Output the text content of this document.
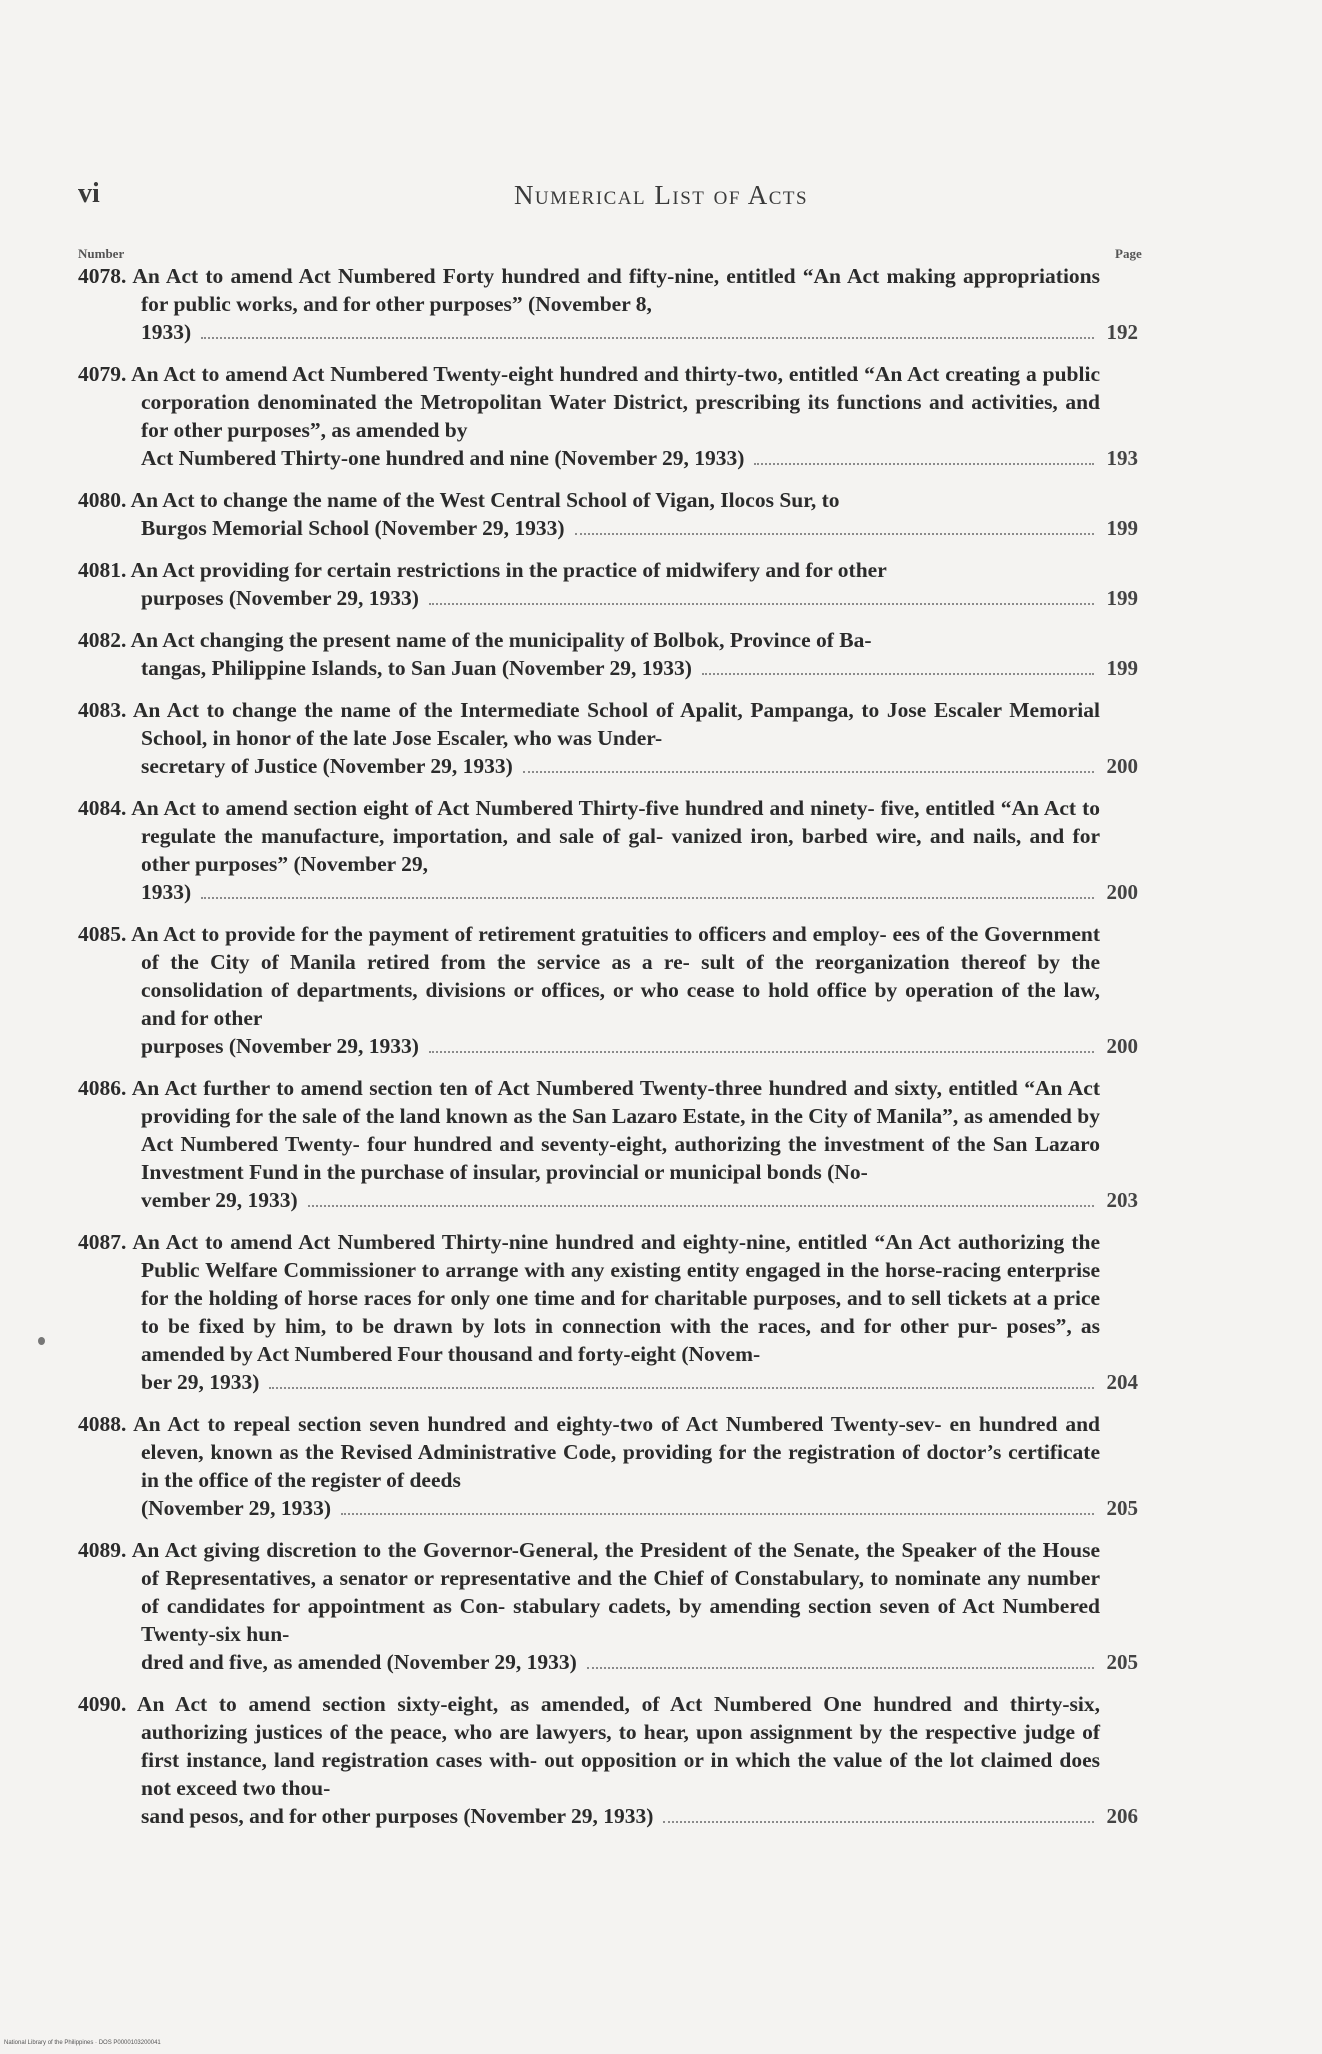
vi	Numerical List of Acts
Number	Page
4078. An Act to amend Act Numbered Forty hundred and fifty-nine, entitled “An Act making appropriations for public works, and for other purposes” (November 8,
1933)	192
4079. An Act to amend Act Numbered Twenty-eight hundred and thirty-two, entitled “An Act creating a public corporation denominated the Metropolitan Water District, prescribing its functions and activities, and for other purposes”, as amended by
Act Numbered Thirty-one hundred and nine (November 29, 1933)	193
4080. An Act to change the name of the West Central School of Vigan, Ilocos Sur, to
Burgos Memorial School (November 29, 1933)	199
4081. An Act providing for certain restrictions in the practice of midwifery and for other
purposes (November 29, 1933)	199
4082. An Act changing the present name of the municipality of Bolbok, Province of Ba-
tangas, Philippine Islands, to San Juan (November 29, 1933)	199
4083. An Act to change the name of the Intermediate School of Apalit, Pampanga, to Jose Escaler Memorial School, in honor of the late Jose Escaler, who was Under-
secretary of Justice (November 29, 1933)	200
4084. An Act to amend section eight of Act Numbered Thirty-five hundred and ninety- five, entitled “An Act to regulate the manufacture, importation, and sale of gal- vanized iron, barbed wire, and nails, and for other purposes” (November 29,
1933)	200
4085. An Act to provide for the payment of retirement gratuities to officers and employ- ees of the Government of the City of Manila retired from the service as a re- sult of the reorganization thereof by the consolidation of departments, divisions or offices, or who cease to hold office by operation of the law, and for other
purposes (November 29, 1933)	200
4086. An Act further to amend section ten of Act Numbered Twenty-three hundred and sixty, entitled “An Act providing for the sale of the land known as the San Lazaro Estate, in the City of Manila”, as amended by Act Numbered Twenty- four hundred and seventy-eight, authorizing the investment of the San Lazaro Investment Fund in the purchase of insular, provincial or municipal bonds (No-
vember 29, 1933)	203
4087. An Act to amend Act Numbered Thirty-nine hundred and eighty-nine, entitled “An Act authorizing the Public Welfare Commissioner to arrange with any existing entity engaged in the horse-racing enterprise for the holding of horse races for only one time and for charitable purposes, and to sell tickets at a price to be fixed by him, to be drawn by lots in connection with the races, and for other pur- poses”, as amended by Act Numbered Four thousand and forty-eight (Novem-
ber 29, 1933)	204
4088. An Act to repeal section seven hundred and eighty-two of Act Numbered Twenty-sev- en hundred and eleven, known as the Revised Administrative Code, providing for the registration of doctor’s certificate in the office of the register of deeds
(November 29, 1933)	205
4089. An Act giving discretion to the Governor-General, the President of the Senate, the Speaker of the House of Representatives, a senator or representative and the Chief of Constabulary, to nominate any number of candidates for appointment as Con- stabulary cadets, by amending section seven of Act Numbered Twenty-six hun-
dred and five, as amended (November 29, 1933)	205
4090. An Act to amend section sixty-eight, as amended, of Act Numbered One hundred and thirty-six, authorizing justices of the peace, who are lawyers, to hear, upon assignment by the respective judge of first instance, land registration cases with- out opposition or in which the value of the lot claimed does not exceed two thou-
sand pesos, and for other purposes (November 29, 1933)	206
National Library of the Philippines · DOS P0000103200041
